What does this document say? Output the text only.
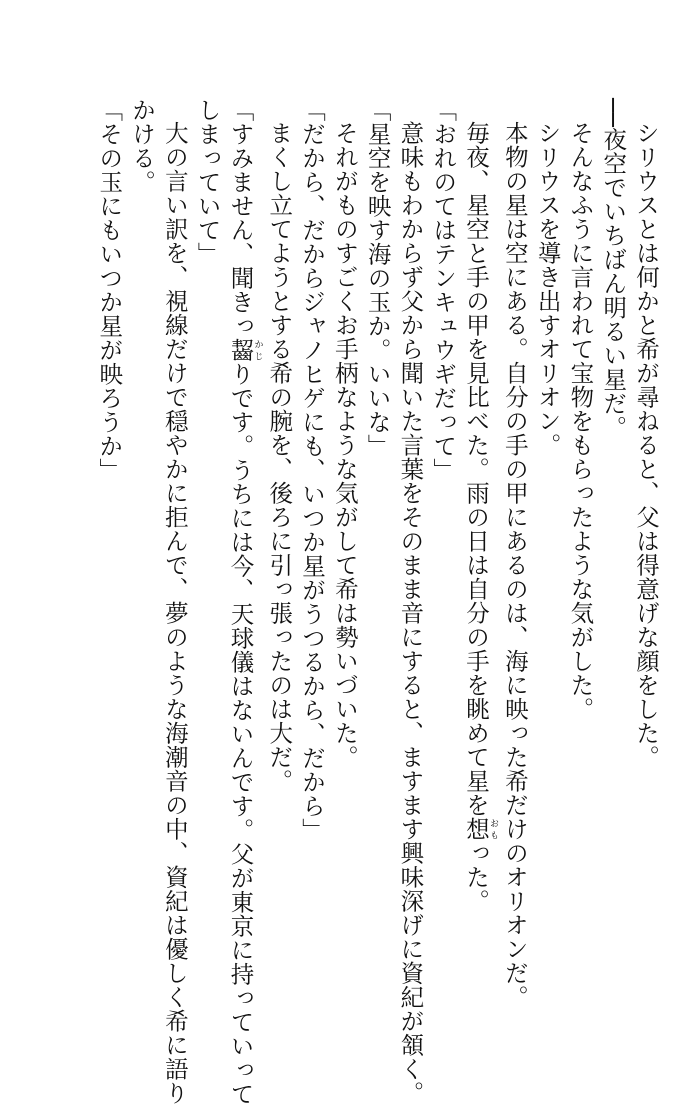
シリウスとは何かと希が尋ねると、父は得意げな顔をした。

──夜空でいちばん明るい星だ。

そんなふうに言われて宝物をもらったような気がした。

シリウスを導き出すオリオン。

本物の星は空にある。自分の手の甲にあるのは、海に映った希だけのオリオンだ。

毎夜、星空と手の甲を見比べた。雨の日は自分の手を眺めて星を想おもった。

「おれのてはテンキュウギだって」

意味もわからず父から聞いた言葉をそのまま音にすると、ますます興味深げに資紀が頷く。

「星空を映す海の玉か。いいな」

それがものすごくお手柄なような気がして希は勢いづいた。

「だから、だからジャノヒゲにも、いつか星がうつるから、だから」

まくし立てようとする希の腕を、後ろに引っ張ったのは大だ。

「すみません、聞きっ齧かじりです。うちには今、天球儀はないんです。父が東京に持っていって

しまっていて」

大の言い訳を、視線だけで穏やかに拒んで、夢のような海潮音の中、資紀は優しく希に語り

かける。

「その玉にもいつか星が映ろうか」
